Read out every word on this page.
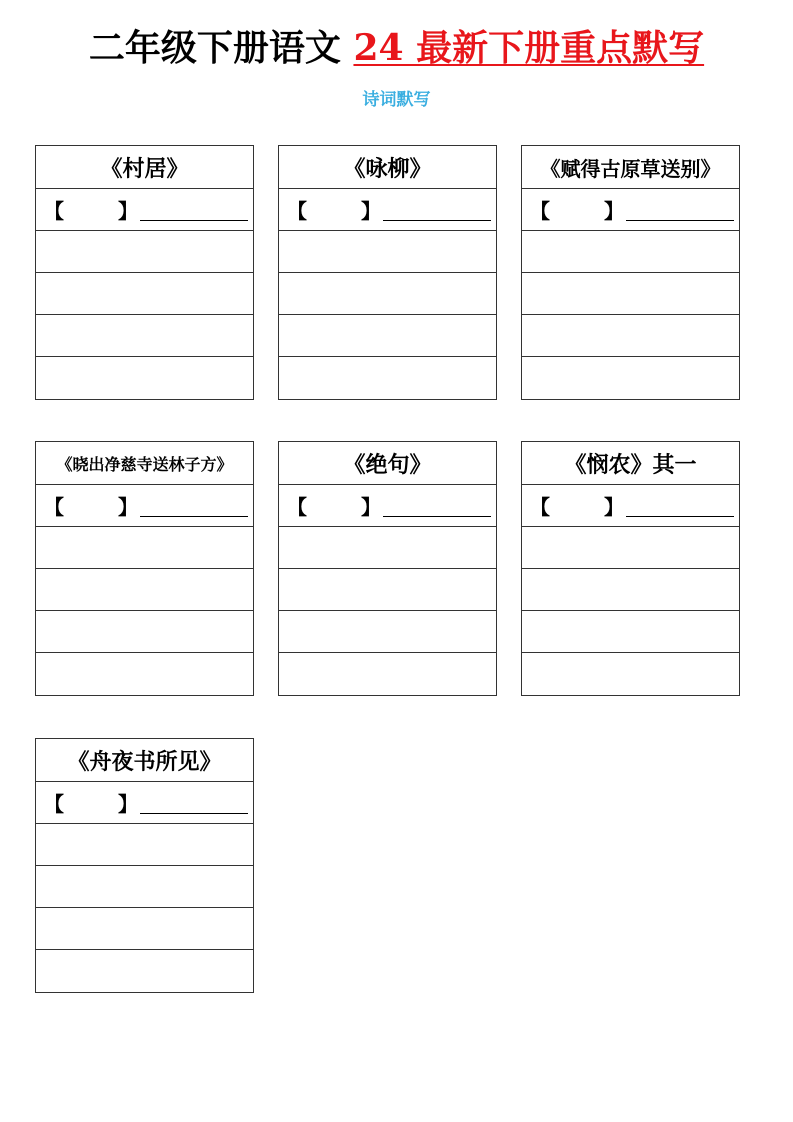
二年级下册语文 24 最新下册重点默写
诗词默写
《村居》
【	】
《咏柳》
【	】
《赋得古原草送别》
【	】
《晓出净慈寺送林子方》
【	】
《绝句》
【	】
《悯农》其一
【	】
《舟夜书所见》
【	】
